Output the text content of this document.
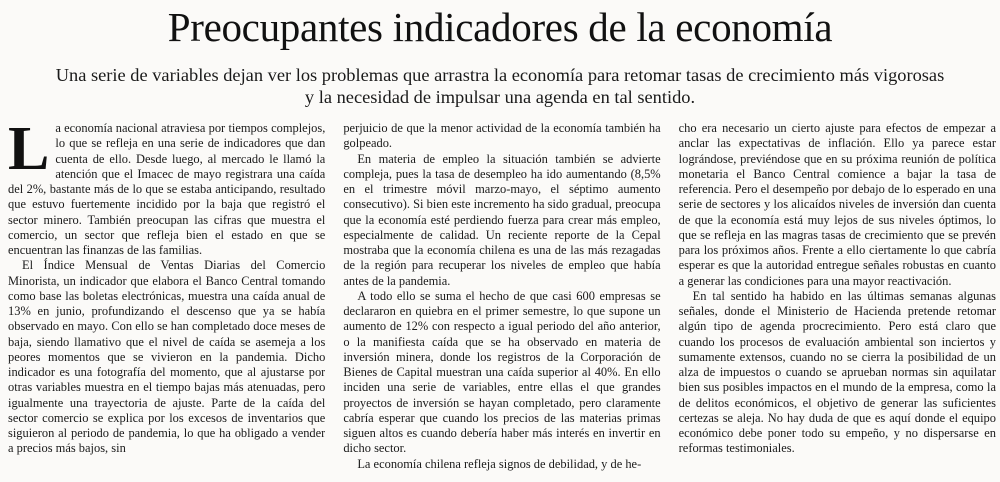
Preocupantes indicadores de la economía
Una serie de variables dejan ver los problemas que arrastra la economía para retomar tasas de crecimiento más vigorosas y la necesidad de impulsar una agenda en tal sentido.

La economía nacional atraviesa por tiempos complejos, lo que se refleja en una serie de indicadores que dan cuenta de ello. Desde luego, al mercado le llamó la atención que el Imacec de mayo registrara una caída del 2%, bastante más de lo que se estaba anticipando, resultado que estuvo fuertemente incidido por la baja que registró el sector minero. También preocupan las cifras que muestra el comercio, un sector que refleja bien el estado en que se encuentran las finanzas de las familias.

El Índice Mensual de Ventas Diarias del Comercio Minorista, un indicador que elabora el Banco Central tomando como base las boletas electrónicas, muestra una caída anual de 13% en junio, profundizando el descenso que ya se había observado en mayo. Con ello se han completado doce meses de baja, siendo llamativo que el nivel de caída se asemeja a los peores momentos que se vivieron en la pandemia. Dicho indicador es una fotografía del momento, que al ajustarse por otras variables muestra en el tiempo bajas más atenuadas, pero igualmente una trayectoria de ajuste. Parte de la caída del sector comercio se explica por los excesos de inventarios que siguieron al periodo de pandemia, lo que ha obligado a vender a precios más bajos, sin

perjuicio de que la menor actividad de la economía también ha golpeado.

En materia de empleo la situación también se advierte compleja, pues la tasa de desempleo ha ido aumentando (8,5% en el trimestre móvil marzo-mayo, el séptimo aumento consecutivo). Si bien este incremento ha sido gradual, preocupa que la economía esté perdiendo fuerza para crear más empleo, especialmente de calidad. Un reciente reporte de la Cepal mostraba que la economía chilena es una de las más rezagadas de la región para recuperar los niveles de empleo que había antes de la pandemia.

A todo ello se suma el hecho de que casi 600 empresas se declararon en quiebra en el primer semestre, lo que supone un aumento de 12% con respecto a igual periodo del año anterior, o la manifiesta caída que se ha observado en materia de inversión minera, donde los registros de la Corporación de Bienes de Capital muestran una caída superior al 40%. En ello inciden una serie de variables, entre ellas el que grandes proyectos de inversión se hayan completado, pero claramente cabría esperar que cuando los precios de las materias primas siguen altos es cuando debería haber más interés en invertir en dicho sector.

La economía chilena refleja signos de debilidad, y de he-

cho era necesario un cierto ajuste para efectos de empezar a anclar las expectativas de inflación. Ello ya parece estar lográndose, previéndose que en su próxima reunión de política monetaria el Banco Central comience a bajar la tasa de referencia. Pero el desempeño por debajo de lo esperado en una serie de sectores y los alicaídos niveles de inversión dan cuenta de que la economía está muy lejos de sus niveles óptimos, lo que se refleja en las magras tasas de crecimiento que se prevén para los próximos años. Frente a ello ciertamente lo que cabría esperar es que la autoridad entregue señales robustas en cuanto a generar las condiciones para una mayor reactivación.

En tal sentido ha habido en las últimas semanas algunas señales, donde el Ministerio de Hacienda pretende retomar algún tipo de agenda procrecimiento. Pero está claro que cuando los procesos de evaluación ambiental son inciertos y sumamente extensos, cuando no se cierra la posibilidad de un alza de impuestos o cuando se aprueban normas sin aquilatar bien sus posibles impactos en el mundo de la empresa, como la de delitos económicos, el objetivo de generar las suficientes certezas se aleja. No hay duda de que es aquí donde el equipo económico debe poner todo su empeño, y no dispersarse en reformas testimoniales.
